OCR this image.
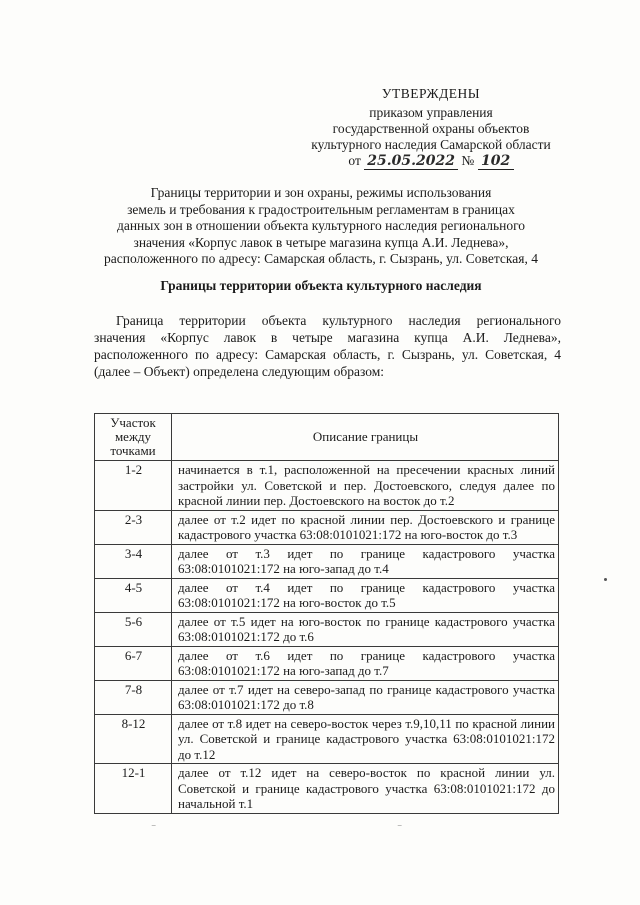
УТВЕРЖДЕНЫ
приказом управления
государственной охраны объектов
культурного наследия Самарской области
от 25.05.2022 № 102
Границы территории и зон охраны, режимы использования
земель и требования к градостроительным регламентам в границах
данных зон в отношении объекта культурного наследия регионального
значения «Корпус лавок в четыре магазина купца А.И. Леднева»,
расположенного по адресу: Самарская область, г. Сызрань, ул. Советская, 4
Границы территории объекта культурного наследия
Граница территории объекта культурного наследия регионального
значения «Корпус лавок в четыре магазина купца А.И. Леднева»,
расположенного по адресу: Самарская область, г. Сызрань, ул. Советская, 4
(далее – Объект) определена следующим образом:
Участок
между
точками	Описание границы
1-2	начинается в т.1, расположенной на пресечении красных линий застройки ул. Советской и пер. Достоевского, следуя далее по красной линии пер. Достоевского на восток до т.2
2-3	далее от т.2 идет по красной линии пер. Достоевского и границе кадастрового участка 63:08:0101021:172 на юго-восток до т.3
3-4	далее от т.3 идет по границе кадастрового участка 63:08:0101021:172 на юго-запад до т.4
4-5	далее от т.4 идет по границе кадастрового участка 63:08:0101021:172 на юго-восток до т.5
5-6	далее от т.5 идет на юго-восток по границе кадастрового участка 63:08:0101021:172 до т.6
6-7	далее от т.6 идет по границе кадастрового участка 63:08:0101021:172 на юго-запад до т.7
7-8	далее от т.7 идет на северо-запад по границе кадастрового участка 63:08:0101021:172 до т.8
8-12	далее от т.8 идет на северо-восток через т.9,10,11 по красной линии ул. Советской и границе кадастрового участка 63:08:0101021:172 до т.12
12-1	далее от т.12 идет на северо-восток по красной линии ул. Советской и границе кадастрового участка 63:08:0101021:172 до начальной т.1
‾	‾
